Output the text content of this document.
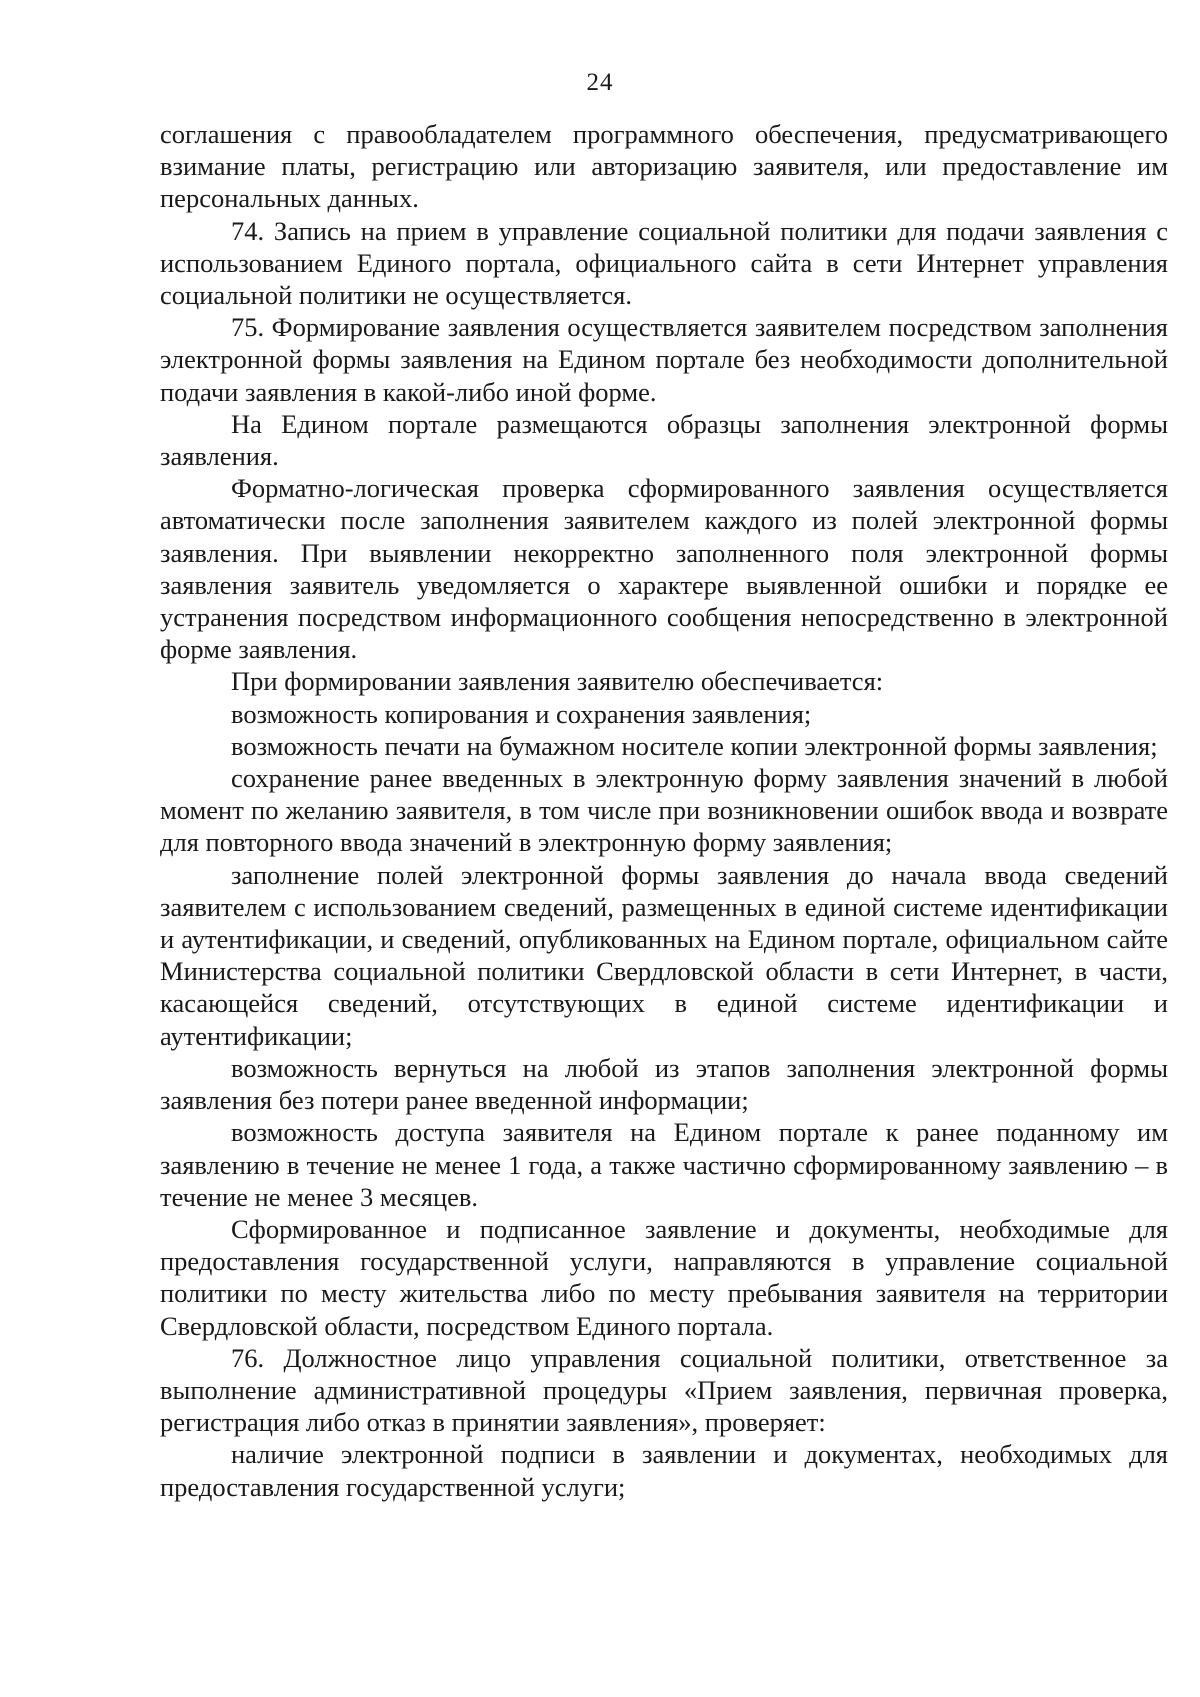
24

соглашения с правообладателем программного обеспечения, предусматривающего взимание платы, регистрацию или авторизацию заявителя, или предоставление им персональных данных.

74. Запись на прием в управление социальной политики для подачи заявления с использованием Единого портала, официального сайта в сети Интернет управления социальной политики не осуществляется.

75. Формирование заявления осуществляется заявителем посредством заполнения электронной формы заявления на Едином портале без необходимости дополнительной подачи заявления в какой-либо иной форме.

На Едином портале размещаются образцы заполнения электронной формы заявления.

Форматно-логическая проверка сформированного заявления осуществляется автоматически после заполнения заявителем каждого из полей электронной формы заявления. При выявлении некорректно заполненного поля электронной формы заявления заявитель уведомляется о характере выявленной ошибки и порядке ее устранения посредством информационного сообщения непосредственно в электронной форме заявления.

При формировании заявления заявителю обеспечивается:

возможность копирования и сохранения заявления;

возможность печати на бумажном носителе копии электронной формы заявления;

сохранение ранее введенных в электронную форму заявления значений в любой момент по желанию заявителя, в том числе при возникновении ошибок ввода и возврате для повторного ввода значений в электронную форму заявления;

заполнение полей электронной формы заявления до начала ввода сведений заявителем с использованием сведений, размещенных в единой системе идентификации и аутентификации, и сведений, опубликованных на Едином портале, официальном сайте Министерства социальной политики Свердловской области в сети Интернет, в части, касающейся сведений, отсутствующих в единой системе идентификации и аутентификации;

возможность вернуться на любой из этапов заполнения электронной формы заявления без потери ранее введенной информации;

возможность доступа заявителя на Едином портале к ранее поданному им заявлению в течение не менее 1 года, а также частично сформированному заявлению – в течение не менее 3 месяцев.

Сформированное и подписанное заявление и документы, необходимые для предоставления государственной услуги, направляются в управление социальной политики по месту жительства либо по месту пребывания заявителя на территории Свердловской области, посредством Единого портала.

76. Должностное лицо управления социальной политики, ответственное за выполнение административной процедуры «Прием заявления, первичная проверка, регистрация либо отказ в принятии заявления», проверяет:

наличие электронной подписи в заявлении и документах, необходимых для предоставления государственной услуги;
